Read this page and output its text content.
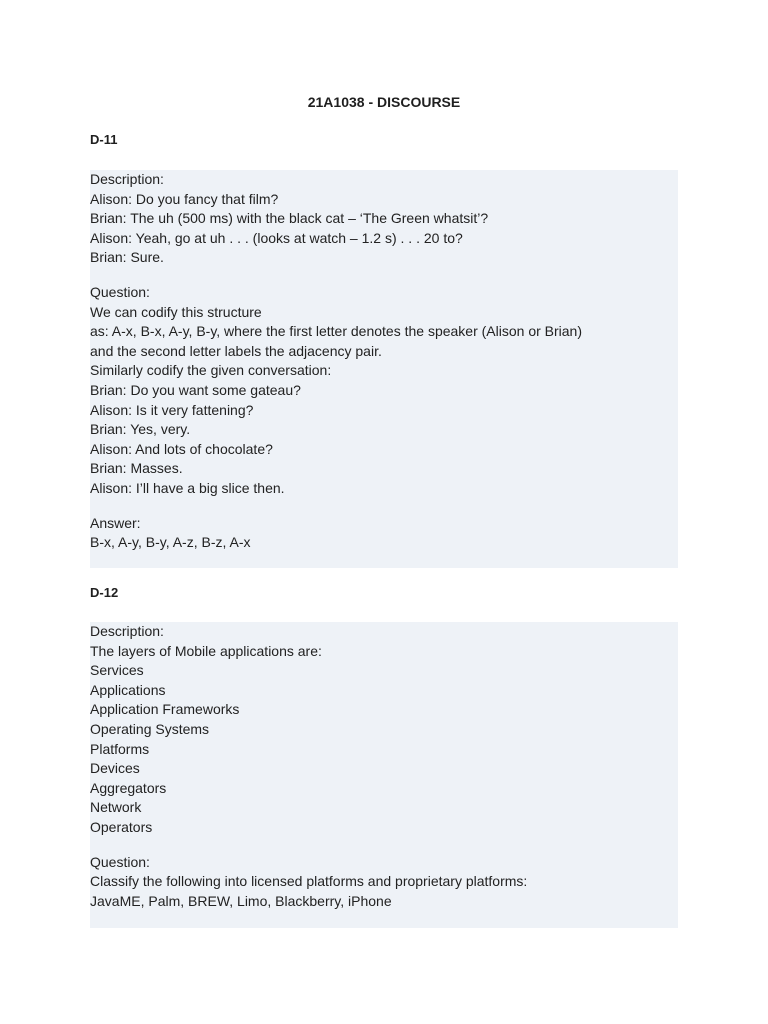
21A1038 - DISCOURSE
D-11
Description:
Alison: Do you fancy that film?
Brian: The uh (500 ms) with the black cat – ‘The Green whatsit’?
Alison: Yeah, go at uh . . . (looks at watch – 1.2 s) . . . 20 to?
Brian: Sure.
Question:
We can codify this structure
as: A-x, B-x, A-y, B-y, where the first letter denotes the speaker (Alison or Brian)
and the second letter labels the adjacency pair.
Similarly codify the given conversation:
Brian: Do you want some gateau?
Alison: Is it very fattening?
Brian: Yes, very.
Alison: And lots of chocolate?
Brian: Masses.
Alison: I’ll have a big slice then.
Answer:
B-x, A-y, B-y, A-z, B-z, A-x
D-12
Description:
The layers of Mobile applications are:
Services
Applications
Application Frameworks
Operating Systems
Platforms
Devices
Aggregators
Network
Operators
Question:
Classify the following into licensed platforms and proprietary platforms:
JavaME, Palm, BREW, Limo, Blackberry, iPhone
